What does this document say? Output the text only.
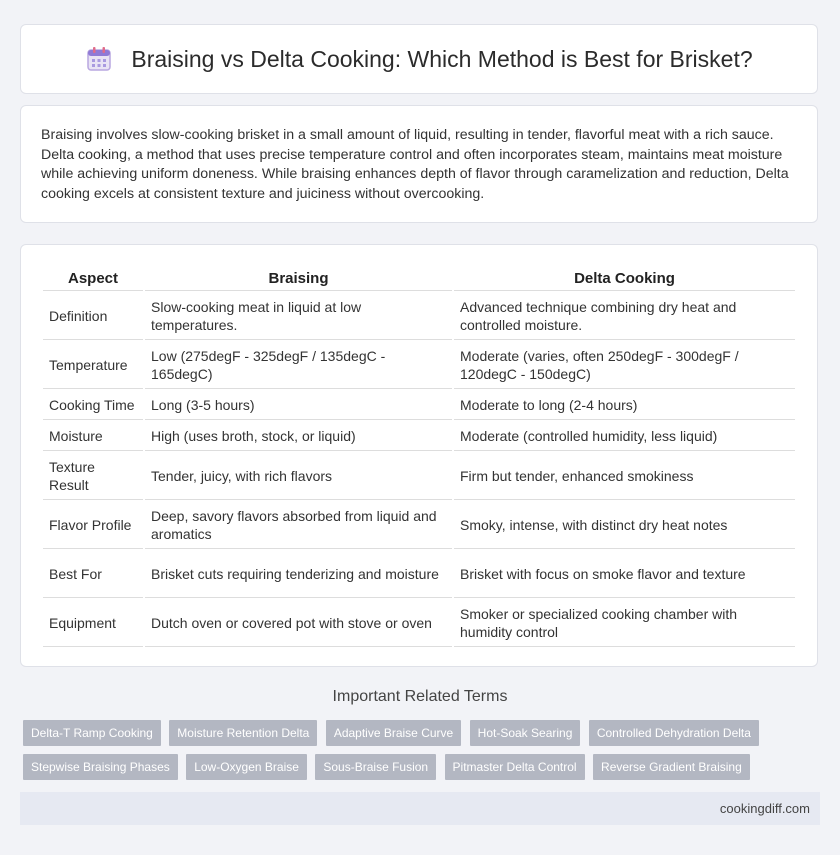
Braising vs Delta Cooking: Which Method is Best for Brisket?

Braising involves slow-cooking brisket in a small amount of liquid, resulting in tender, flavorful meat with a rich sauce. Delta cooking, a method that uses precise temperature control and often incorporates steam, maintains meat moisture while achieving uniform doneness. While braising enhances depth of flavor through caramelization and reduction, Delta cooking excels at consistent texture and juiciness without overcooking.

Aspect	Braising	Delta Cooking
Definition	Slow-cooking meat in liquid at low temperatures.	Advanced technique combining dry heat and controlled moisture.
Temperature	Low (275degF - 325degF / 135degC - 165degC)	Moderate (varies, often 250degF - 300degF / 120degC - 150degC)
Cooking Time	Long (3-5 hours)	Moderate to long (2-4 hours)
Moisture	High (uses broth, stock, or liquid)	Moderate (controlled humidity, less liquid)
Texture Result	Tender, juicy, with rich flavors	Firm but tender, enhanced smokiness
Flavor Profile	Deep, savory flavors absorbed from liquid and aromatics	Smoky, intense, with distinct dry heat notes
Best For	Brisket cuts requiring tenderizing and moisture	Brisket with focus on smoke flavor and texture
Equipment	Dutch oven or covered pot with stove or oven	Smoker or specialized cooking chamber with humidity control
Important Related Terms
Delta-T Ramp Cooking Moisture Retention Delta Adaptive Braise Curve Hot-Soak Searing Controlled Dehydration Delta Stepwise Braising Phases Low-Oxygen Braise Sous-Braise Fusion Pitmaster Delta Control Reverse Gradient Braising
cookingdiff.com
